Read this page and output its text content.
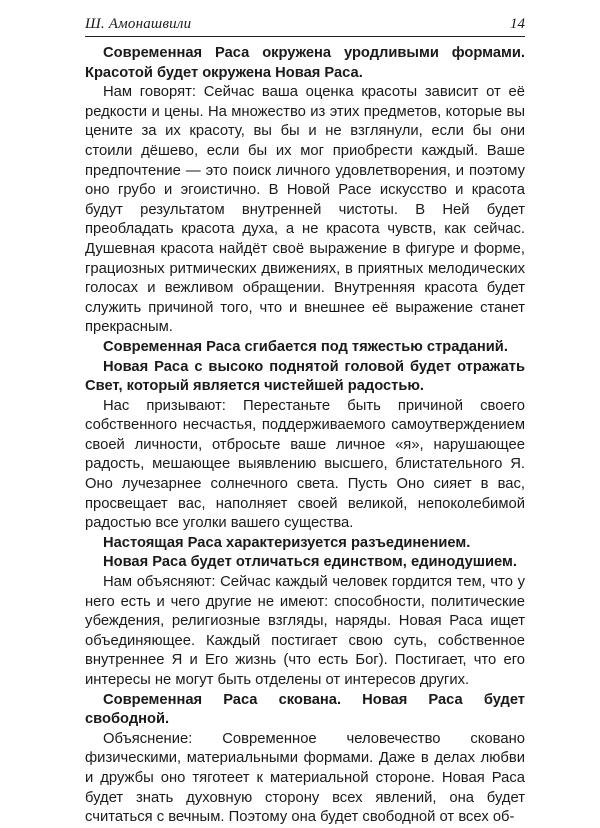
Ш. Амонашвили	14

Современная Раса окружена уродливыми формами. Красотой будет окружена Новая Раса.

Нам говорят: Сейчас ваша оценка красоты зависит от её редкости и цены. На множество из этих предметов, которые вы цените за их красоту, вы бы и не взглянули, если бы они стоили дёшево, если бы их мог приобрести каждый. Ваше предпочтение — это поиск личного удовлетворения, и поэтому оно грубо и эгоистично. В Новой Расе искусство и красота будут результатом внутренней чистоты. В Ней будет преобладать красота духа, а не красота чувств, как сейчас. Душевная красота найдёт своё выражение в фигуре и форме, грациозных ритмических движениях, в приятных мелодических голосах и вежливом обращении. Внутренняя красота будет служить причиной того, что и внешнее её выражение станет прекрасным.

Современная Раса сгибается под тяжестью страданий.

Новая Раса с высоко поднятой головой будет отражать Свет, который является чистейшей радостью.

Нас призывают: Перестаньте быть причиной своего собственного несчастья, поддерживаемого самоутверждением своей личности, отбросьте ваше личное «я», нарушающее радость, мешающее выявлению высшего, блистательного Я. Оно лучезарнее солнечного света. Пусть Оно сияет в вас, просвещает вас, наполняет своей великой, непоколебимой радостью все уголки вашего существа.

Настоящая Раса характеризуется разъединением.

Новая Раса будет отличаться единством, единодушием.

Нам объясняют: Сейчас каждый человек гордится тем, что у него есть и чего другие не имеют: способности, политические убеждения, религиозные взгляды, наряды. Новая Раса ищет объединяющее. Каждый постигает свою суть, собственное внутреннее Я и Его жизнь (что есть Бог). Постигает, что его интересы не могут быть отделены от интересов других.

Современная Раса скована. Новая Раса будет свободной.

Объяснение: Современное человечество сковано физическими, материальными формами. Даже в делах любви и дружбы оно тяготеет к материальной стороне. Новая Раса будет знать духовную сторону всех явлений, она будет считаться с вечным. Поэтому она будет свободной от всех об-
